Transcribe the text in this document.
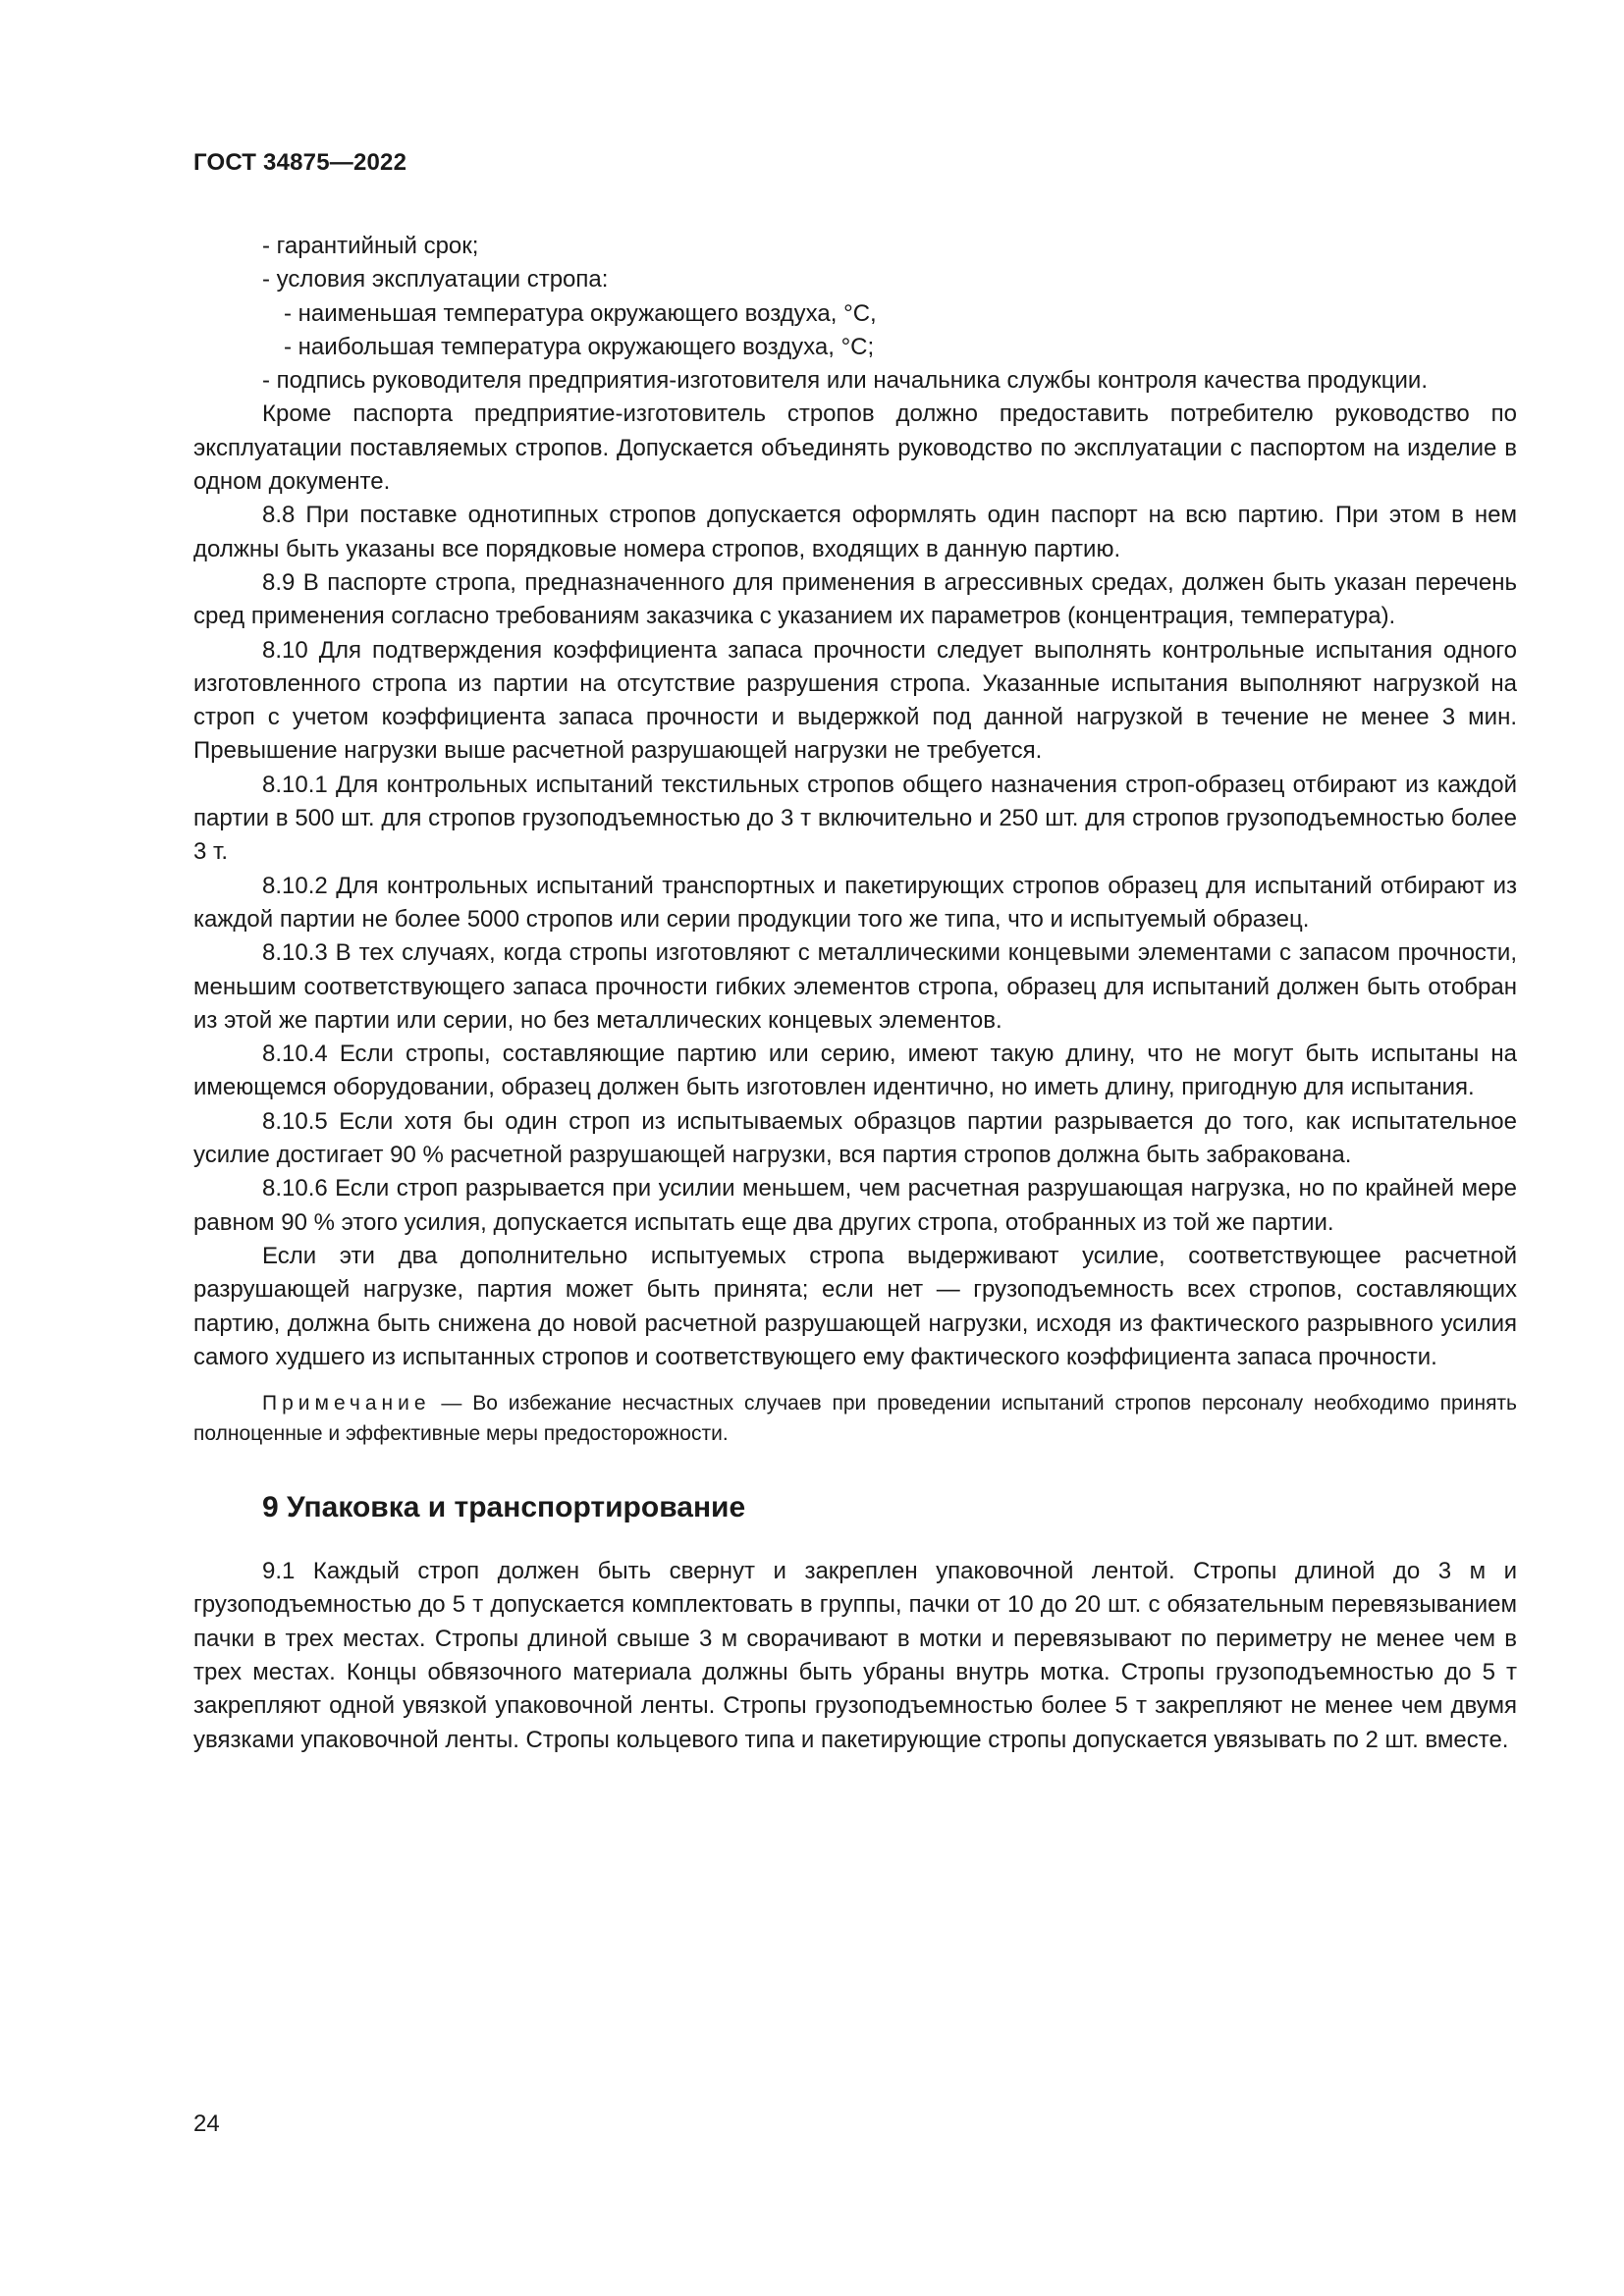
ГОСТ 34875—2022

- гарантийный срок;

- условия эксплуатации стропа:

- наименьшая температура окружающего воздуха, °С,

- наибольшая температура окружающего воздуха, °С;

- подпись руководителя предприятия-изготовителя или начальника службы контроля качества продукции.

Кроме паспорта предприятие-изготовитель стропов должно предоставить потребителю руководство по эксплуатации поставляемых стропов. Допускается объединять руководство по эксплуатации с паспортом на изделие в одном документе.

8.8 При поставке однотипных стропов допускается оформлять один паспорт на всю партию. При этом в нем должны быть указаны все порядковые номера стропов, входящих в данную партию.

8.9 В паспорте стропа, предназначенного для применения в агрессивных средах, должен быть указан перечень сред применения согласно требованиям заказчика с указанием их параметров (концентрация, температура).

8.10 Для подтверждения коэффициента запаса прочности следует выполнять контрольные испытания одного изготовленного стропа из партии на отсутствие разрушения стропа. Указанные испытания выполняют нагрузкой на строп с учетом коэффициента запаса прочности и выдержкой под данной нагрузкой в течение не менее 3 мин. Превышение нагрузки выше расчетной разрушающей нагрузки не требуется.

8.10.1 Для контрольных испытаний текстильных стропов общего назначения строп-образец отбирают из каждой партии в 500 шт. для стропов грузоподъемностью до 3 т включительно и 250 шт. для стропов грузоподъемностью более 3 т.

8.10.2 Для контрольных испытаний транспортных и пакетирующих стропов образец для испытаний отбирают из каждой партии не более 5000 стропов или серии продукции того же типа, что и испытуемый образец.

8.10.3 В тех случаях, когда стропы изготовляют с металлическими концевыми элементами с запасом прочности, меньшим соответствующего запаса прочности гибких элементов стропа, образец для испытаний должен быть отобран из этой же партии или серии, но без металлических концевых элементов.

8.10.4 Если стропы, составляющие партию или серию, имеют такую длину, что не могут быть испытаны на имеющемся оборудовании, образец должен быть изготовлен идентично, но иметь длину, пригодную для испытания.

8.10.5 Если хотя бы один строп из испытываемых образцов партии разрывается до того, как испытательное усилие достигает 90 % расчетной разрушающей нагрузки, вся партия стропов должна быть забракована.

8.10.6 Если строп разрывается при усилии меньшем, чем расчетная разрушающая нагрузка, но по крайней мере равном 90 % этого усилия, допускается испытать еще два других стропа, отобранных из той же партии.

Если эти два дополнительно испытуемых стропа выдерживают усилие, соответствующее расчетной разрушающей нагрузке, партия может быть принята; если нет — грузоподъемность всех стропов, составляющих партию, должна быть снижена до новой расчетной разрушающей нагрузки, исходя из фактического разрывного усилия самого худшего из испытанных стропов и соответствующего ему фактического коэффициента запаса прочности.

Примечание — Во избежание несчастных случаев при проведении испытаний стропов персоналу необходимо принять полноценные и эффективные меры предосторожности.

9 Упаковка и транспортирование

9.1 Каждый строп должен быть свернут и закреплен упаковочной лентой. Стропы длиной до 3 м и грузоподъемностью до 5 т допускается комплектовать в группы, пачки от 10 до 20 шт. с обязательным перевязыванием пачки в трех местах. Стропы длиной свыше 3 м сворачивают в мотки и перевязывают по периметру не менее чем в трех местах. Концы обвязочного материала должны быть убраны внутрь мотка. Стропы грузоподъемностью до 5 т закрепляют одной увязкой упаковочной ленты. Стропы грузоподъемностью более 5 т закрепляют не менее чем двумя увязками упаковочной ленты. Стропы кольцевого типа и пакетирующие стропы допускается увязывать по 2 шт. вместе.

24
